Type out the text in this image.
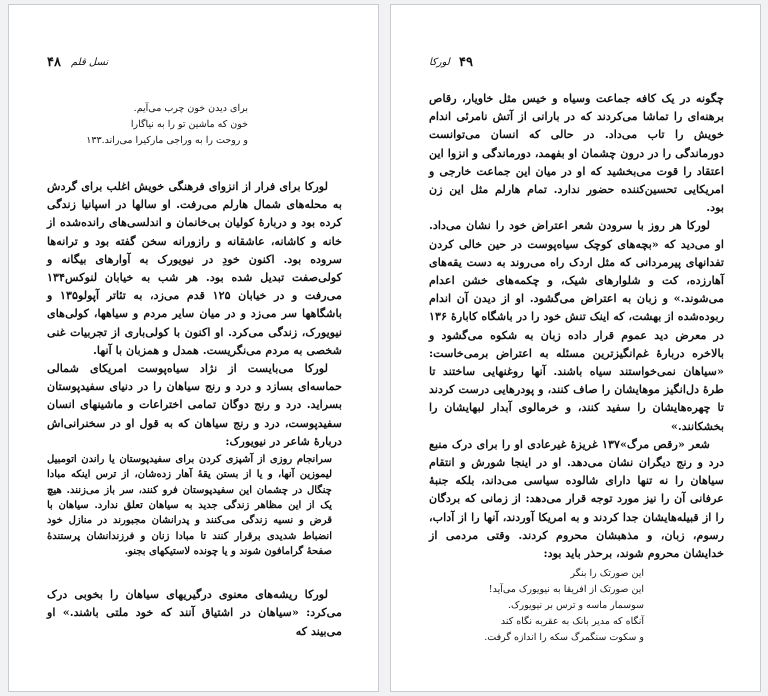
۴۸ نسل قلم

برای دیدن خون چرب می‌آیم.

خون که ماشین تو را به نیاگارا

و روحت را به وراجی مارکیرا می‌راند.۱۳۳

لورکا برای فرار از انزوای فرهنگی خویش اغلب برای گردش به محله‌های شمال هارلم می‌رفت. او سالها در اسپانیا زندگی کرده بود و دربارهٔ کولیان بی‌خانمان و اندلسی‌های رانده‌شده از خانه و کاشانه، عاشقانه و رازورانه سخن گفته بود و ترانه‌ها سروده بود. اکنون خودِ در نیویورک به آوارهای بیگانه و کولی‌صفت تبدیل شده بود. هر شب به خیابان لنوکس۱۳۴ می‌رفت و در خیابان ۱۲۵ قدم می‌زد، به تئاتر آپولو۱۳۵ و باشگاهها سر می‌زد و در میان سایر مردم و سیاهها، کولی‌های نیویورک، زندگی می‌کرد. او اکنون با کولی‌باری از تجربیات غنی شخصی به مردم می‌نگریست. همدل و همزبان با آنها.

لورکا می‌بایست از نژاد سیاه‌پوست امریکای شمالی حماسه‌ای بسازد و درد و رنج سیاهان را در دنیای سفیدپوستان بسراید. درد و رنج دوگان تمامی اختراعات و ماشینهای انسان سفیدپوست، درد و رنج سیاهان که به قول او در سخنرانی‌اش دربارهٔ شاعر در نیویورک:

سرانجام روزی از آشپزی کردن برای سفیدپوستان یا راندن اتومبیل لیموزین آنها، و یا از بستن یقهٔ آهار زده‌شان، از ترس اینکه مبادا چنگال در چشمان این سفیدپوستان فرو کنند، سر باز می‌زنند. هیچ یک از این مظاهر زندگی جدید به سیاهان تعلق ندارد. سیاهان با قرض و نسیه زندگی می‌کنند و پدرانشان مجبورند در منازل خود انضباط شدیدی برقرار کنند تا مبادا زنان و فرزندانشان پرستندهٔ صفحهٔ گرامافون شوند و یا چونده لاستیکهای بجنو.

لورکا ریشه‌های معنوی درگیریهای سیاهان را بخوبی درک می‌کرد: «سیاهان در اشتیاق آنند که خود ملتی باشند.» او می‌بیند که

۴۹
لورکا

چگونه در یک کافه جماعت وسیاه و خیس مثل خاویار، رقاص برهنه‌ای را تماشا می‌کردند که در بارانی از آتش نامرئی اندام خویش را تاب می‌داد. در حالی که انسان می‌توانست دورماندگی را در درون چشمان او بفهمد، دورماندگی و انزوا این اعتقاد را قوت می‌بخشید که او در میان این جماعت خارجی و امریکایی تحسین‌کننده حضور ندارد. تمام هارلم مثل این زن بود.

لورکا هر روز با سرودن شعر اعتراض خود را نشان می‌داد. او می‌دید که «بچه‌های کوچک سیاه‌پوست در حین خالی کردن تفدانهای پیرمردانی که مثل اردک راه می‌روند به دست یقه‌های آهارزده، کت و شلوارهای شیک، و چکمه‌های خشن اعدام می‌شوند.» و زبان به اعتراض می‌گشود. او از دیدن آن اندام ربوده‌شده از بهشت، که اینک تنش خود را در باشگاه کابارهٔ ۱۳۶ در معرض دید عموم قرار داده زبان به شکوه می‌گشود و بالاخره دربارهٔ غم‌انگیزترین مسئله به اعتراض برمی‌خاست: «سیاهان نمی‌خواستند سیاه باشند. آنها روغنهایی ساختند تا طرهٔ دل‌انگیز موهایشان را صاف کنند، و پودرهایی درست کردند تا چهره‌هایشان را سفید کنند، و خرمالوی آبدار لبهایشان را بخشکانند.»

شعر «رقص مرگ»۱۳۷ غریزهٔ غیرعادی او را برای درک منبع درد و رنج دیگران نشان می‌دهد. او در اینجا شورش و انتقام سیاهان را نه تنها دارای شالوده سیاسی می‌داند، بلکه جنبهٔ عرفانی آن را نیز مورد توجه قرار می‌دهد: از زمانی که بردگان را از قبیله‌هایشان جدا کردند و به امریکا آوردند، آنها را از آداب، رسوم، زبان، و مذهبشان محروم کردند. وقتی مردمی از خدایشان محروم شوند، برحذر باید بود:

این صورتک را بنگر

این صورتک از افریقا به نیویورک می‌آید!

سوسمار ماسه و ترس بر نیویورک.

آنگاه که مدیر بانک به عقربه نگاه کند

و سکوت سنگمرگ سکه را اندازه گرفت.
